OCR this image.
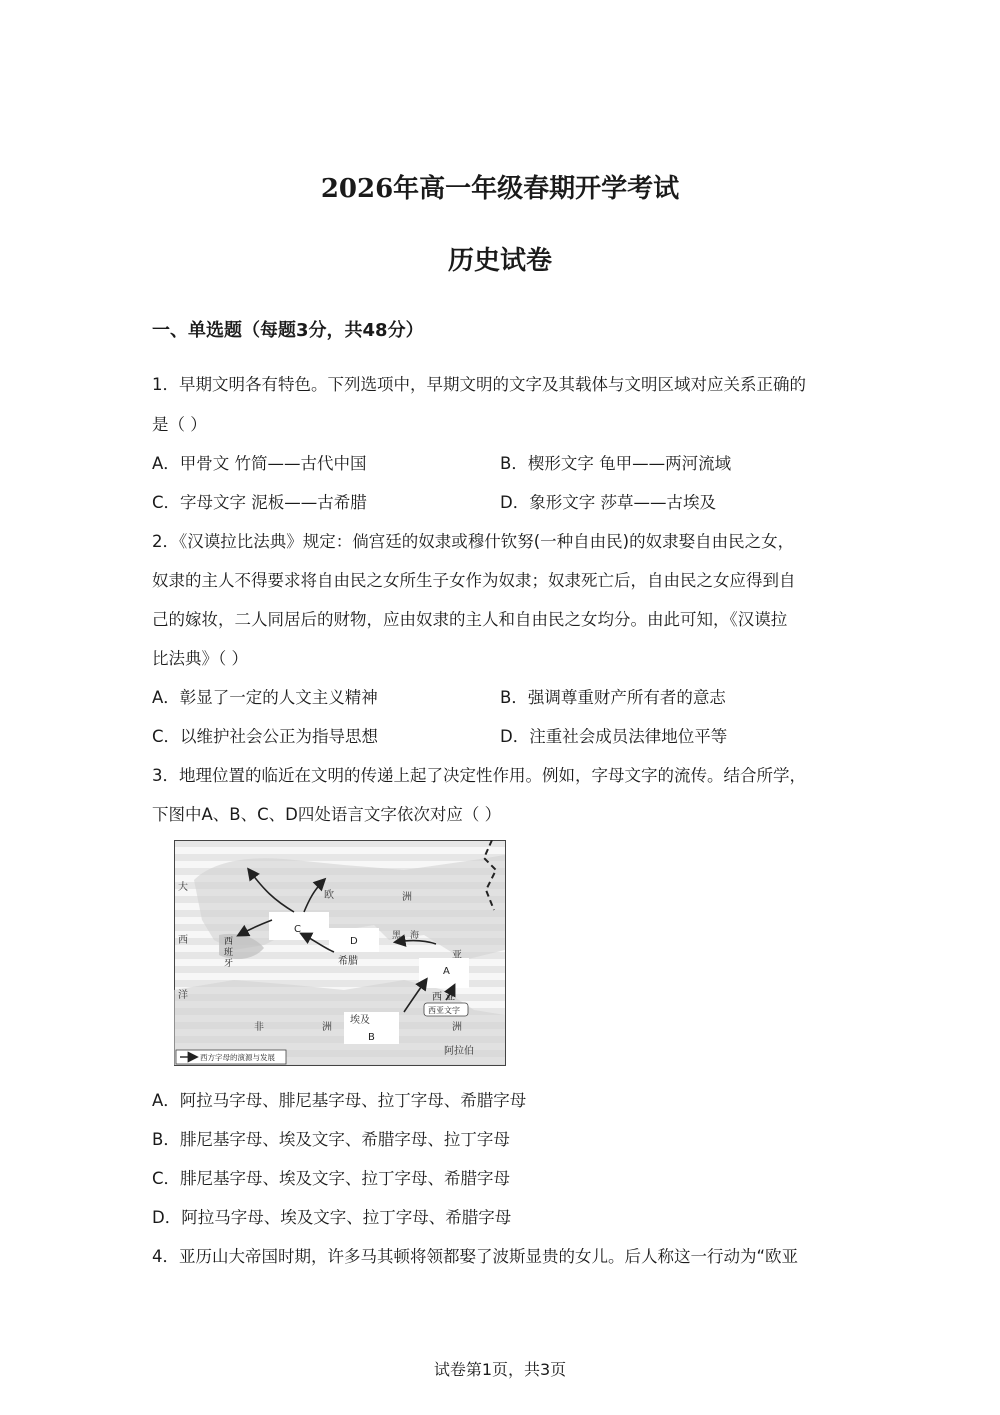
2026年高一年级春期开学考试
历史试卷
一、单选题（每题3分，共48分）
1．早期文明各有特色。下列选项中，早期文明的文字及其载体与文明区域对应关系正确的
是（ ）
A．甲骨文 竹简——古代中国	B．楔形文字 龟甲——两河流域
C．字母文字 泥板——古希腊	D．象形文字 莎草——古埃及
2．《汉谟拉比法典》规定：倘宫廷的奴隶或穆什钦努(一种自由民)的奴隶娶自由民之女，
奴隶的主人不得要求将自由民之女所生子女作为奴隶；奴隶死亡后，自由民之女应得到自
己的嫁妆，二人同居后的财物，应由奴隶的主人和自由民之女均分。由此可知，《汉谟拉
比法典》（ ）
A．彰显了一定的人文主义精神	B．强调尊重财产所有者的意志
C．以维护社会公正为指导思想	D．注重社会成员法律地位平等
3．地理位置的临近在文明的传递上起了决定性作用。例如，字母文字的流传。结合所学，
下图中A、B、C、D四处语言文字依次对应（ ）
C
D
A
B
大
西
洋
欧	洲
黑 海
亚
西
班
牙	希腊
西 亚
西亚文字
埃及
非	洲	洲
阿拉伯
西方字母的演源与发展
A．阿拉马字母、腓尼基字母、拉丁字母、希腊字母
B．腓尼基字母、埃及文字、希腊字母、拉丁字母
C．腓尼基字母、埃及文字、拉丁字母、希腊字母
D．阿拉马字母、埃及文字、拉丁字母、希腊字母
4．亚历山大帝国时期，许多马其顿将领都娶了波斯显贵的女儿。后人称这一行动为“欧亚
试卷第1页，共3页
